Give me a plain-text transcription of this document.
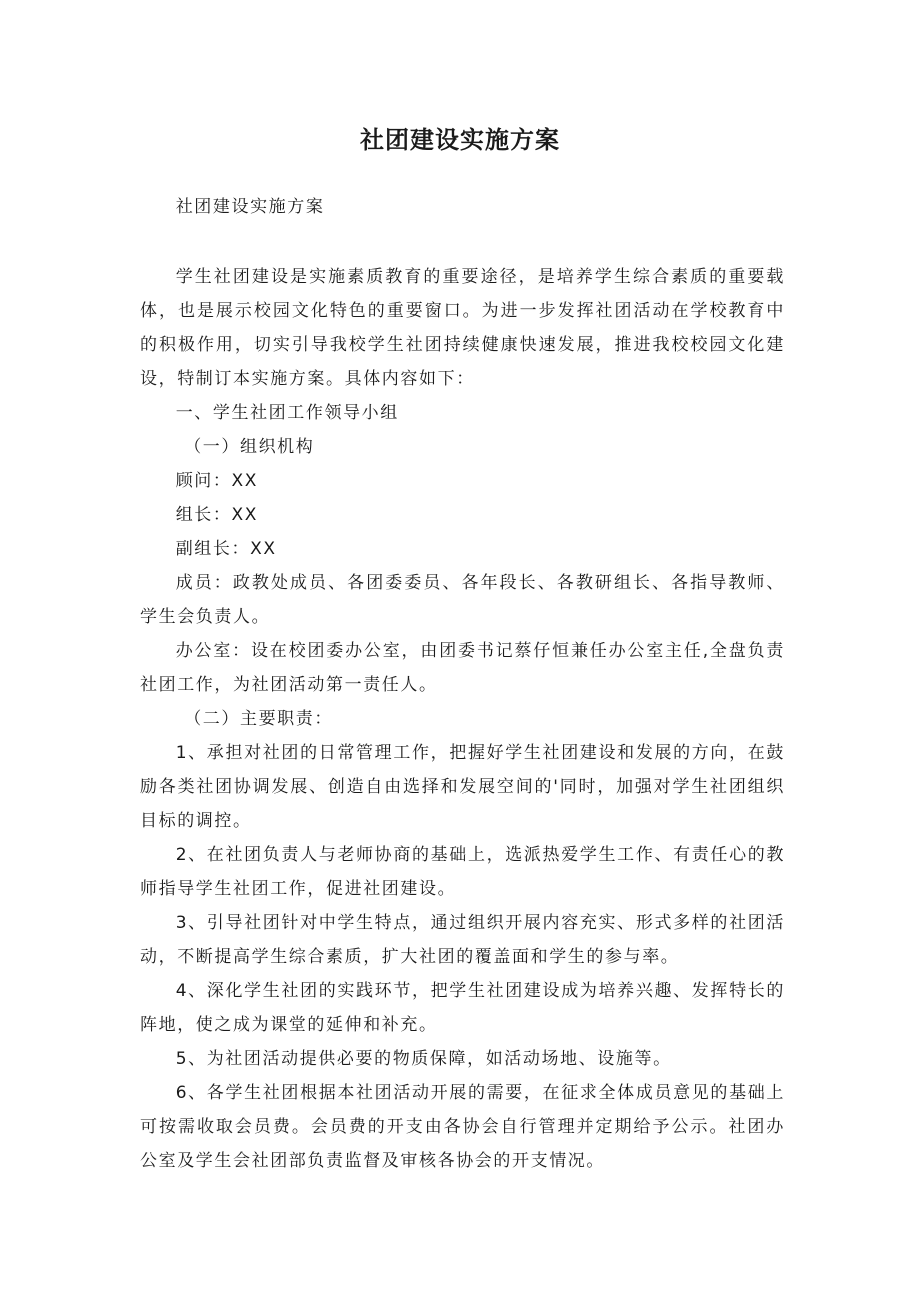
社团建设实施方案

社团建设实施方案

学生社团建设是实施素质教育的重要途径，是培养学生综合素质的重要载体，也是展示校园文化特色的重要窗口。为进一步发挥社团活动在学校教育中的积极作用，切实引导我校学生社团持续健康快速发展，推进我校校园文化建设，特制订本实施方案。具体内容如下：

一、学生社团工作领导小组

（一）组织机构

顾问：XX

组长：XX

副组长：XX

成员：政教处成员、各团委委员、各年段长、各教研组长、各指导教师、学生会负责人。

办公室：设在校团委办公室，由团委书记蔡仔恒兼任办公室主任,全盘负责社团工作，为社团活动第一责任人。

（二）主要职责：

1、承担对社团的日常管理工作，把握好学生社团建设和发展的方向，在鼓励各类社团协调发展、创造自由选择和发展空间的'同时，加强对学生社团组织目标的调控。

2、在社团负责人与老师协商的基础上，选派热爱学生工作、有责任心的教师指导学生社团工作，促进社团建设。

3、引导社团针对中学生特点，通过组织开展内容充实、形式多样的社团活动，不断提高学生综合素质，扩大社团的覆盖面和学生的参与率。

4、深化学生社团的实践环节，把学生社团建设成为培养兴趣、发挥特长的阵地，使之成为课堂的延伸和补充。

5、为社团活动提供必要的物质保障，如活动场地、设施等。

6、各学生社团根据本社团活动开展的需要，在征求全体成员意见的基础上可按需收取会员费。会员费的开支由各协会自行管理并定期给予公示。社团办公室及学生会社团部负责监督及审核各协会的开支情况。
